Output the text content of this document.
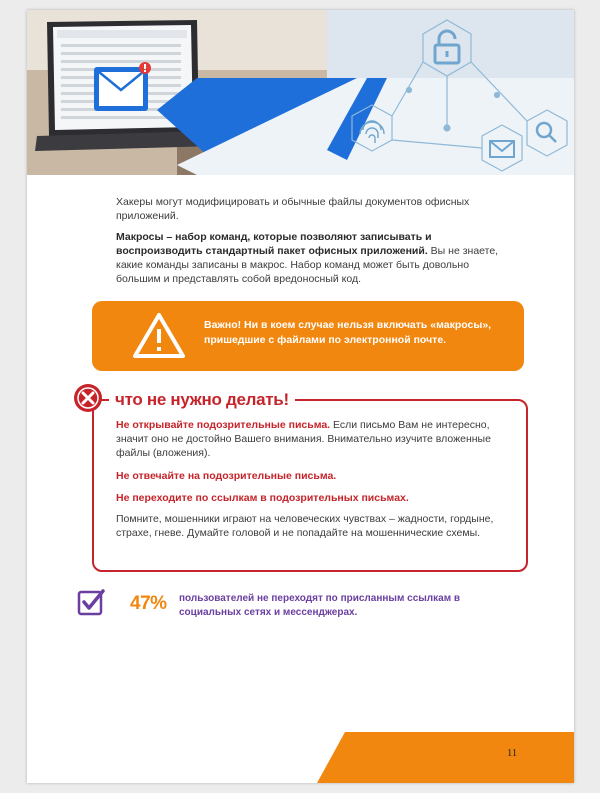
Хакеры могут модифицировать и обычные файлы документов офисных приложений.
Макросы – набор команд, которые позволяют записывать и воспроизводить стандартный пакет офисных приложений. Вы не знаете, какие команды записаны в макрос. Набор команд может быть довольно большим и представлять собой вредоносный код.
Важно! Ни в коем случае нельзя включать «макросы», пришедшие с файлами по электронной почте.
что не нужно делать!
Не открывайте подозрительные письма. Если письмо Вам не интересно, значит оно не достойно Вашего внимания. Внимательно изучите вложенные файлы (вложения).
Не отвечайте на подозрительные письма.
Не переходите по ссылкам в подозрительных письмах.
Помните, мошенники играют на человеческих чувствах – жадности, гордыне, страхе, гневе. Думайте головой и не попадайте на мошеннические схемы.
47% пользователей не переходят по присланным ссылкам в социальных сетях и мессенджерах.
11
